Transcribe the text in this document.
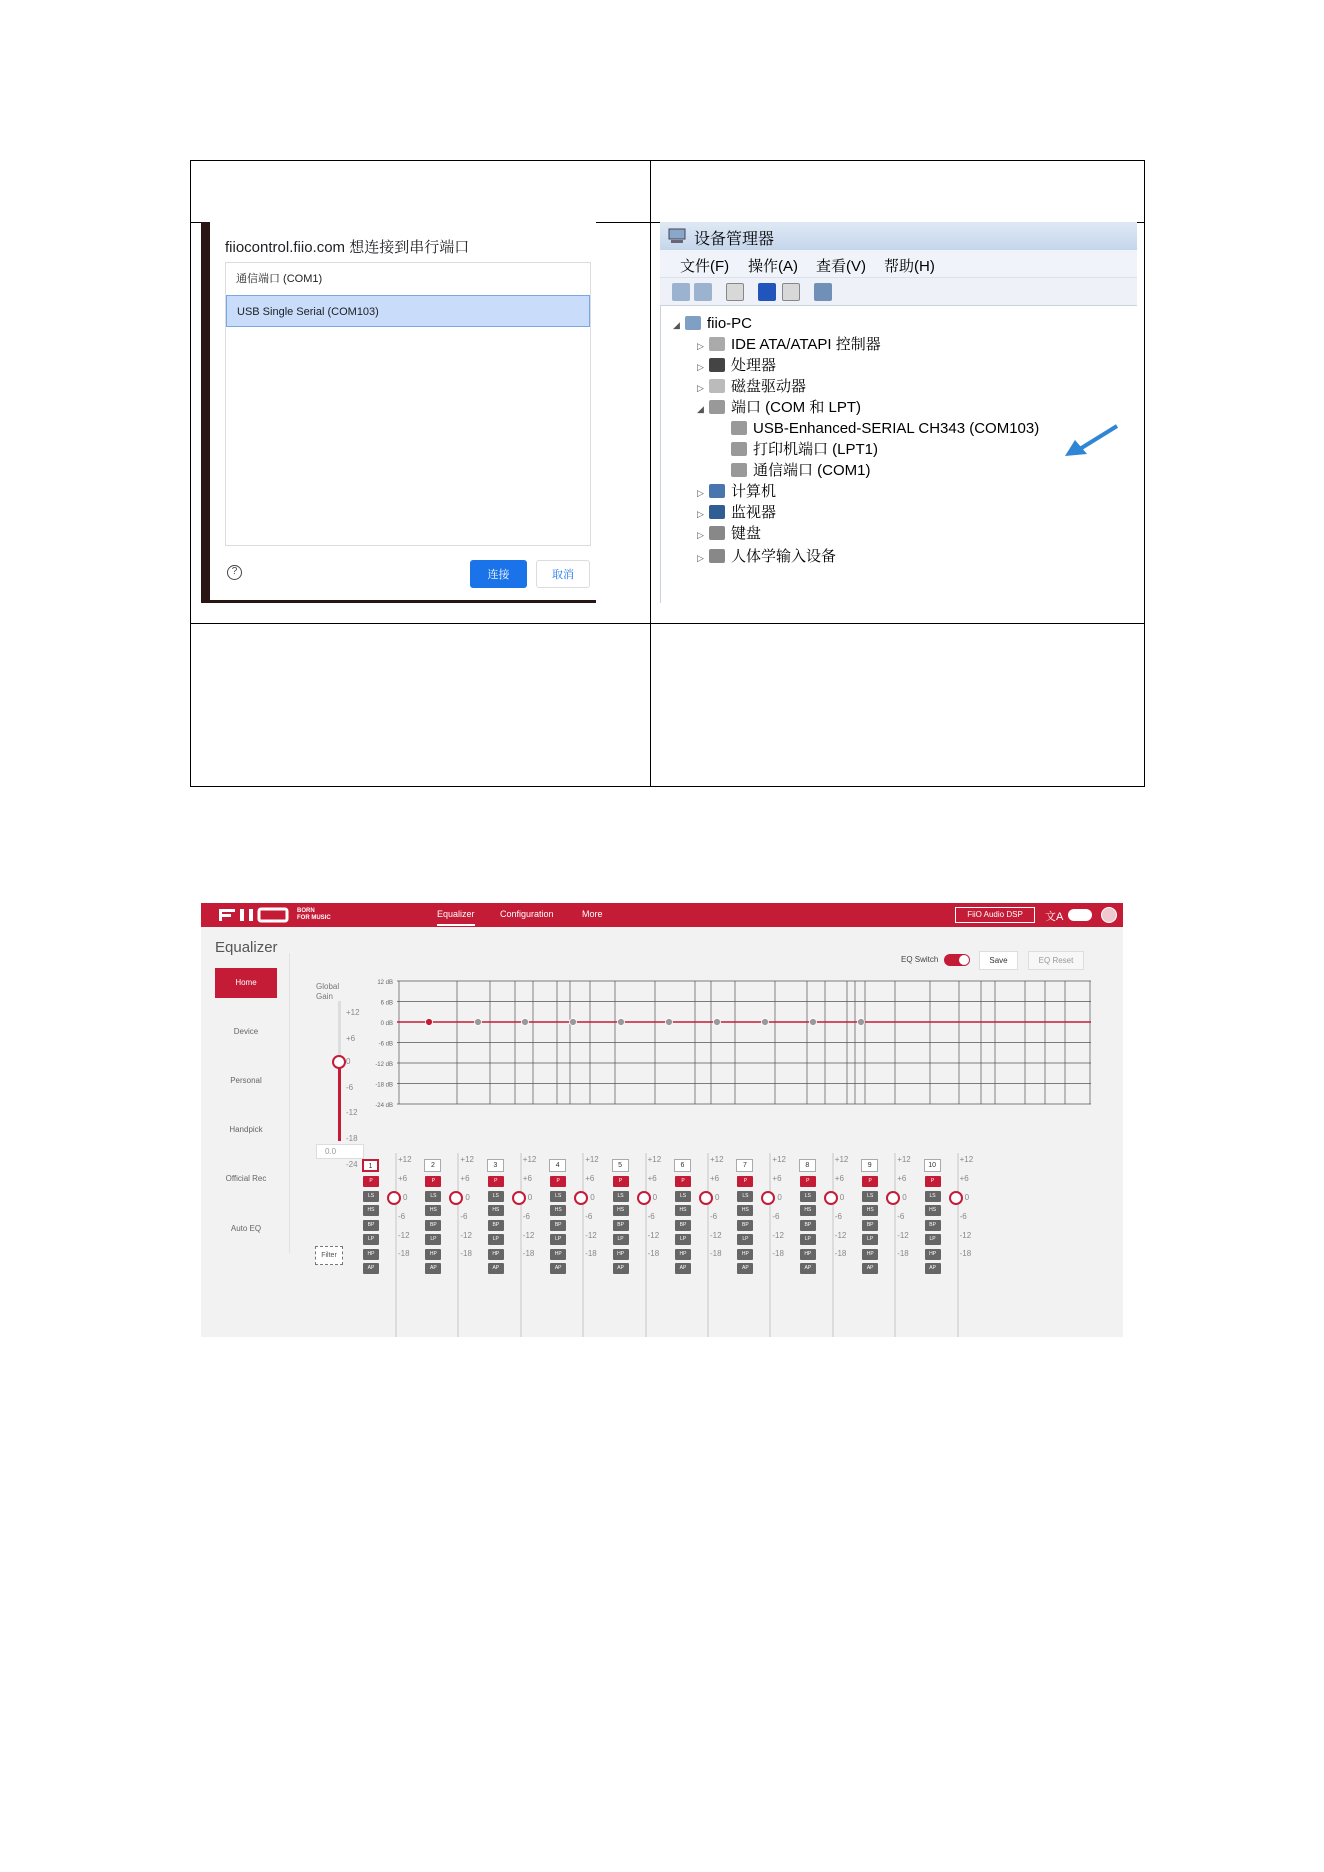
fiiocontrol.fiio.com 想连接到串行端口
通信端口 (COM1)
USB Single Serial (COM103)
?	连接	取消
设备管理器
文件(F) 操作(A) 查看(V) 帮助(H)
◢ fiio-PC
▷ IDE ATA/ATAPI 控制器
▷ 处理器
▷ 磁盘驱动器
◢ 端口 (COM 和 LPT)
USB-Enhanced-SERIAL CH343 (COM103)
打印机端口 (LPT1)
通信端口 (COM1)
▷ 计算机
▷ 监视器
▷ 键盘
▷ 人体学输入设备
BORN
FOR MUSIC	Equalizer	Configuration	More	FiiO Audio DSP	文A
Equalizer
Home
Device
Personal
Handpick
Official Rec
Auto EQ
EQ Switch	Save	EQ Reset
Global Gain
+12
+6
0
-6
-12
-18
-24
0.0
Filter
12 dB
6 dB
0 dB
-6 dB
-12 dB
-18 dB
-24 dB
1
P
LS
HS
BP
LP
HP
AP
+12
+6
0
-6
-12
-18
2
P
LS
HS
BP
LP
HP
AP
+12
+6
0
-6
-12
-18
3
P
LS
HS
BP
LP
HP
AP
+12
+6
0
-6
-12
-18
4
P
LS
HS
BP
LP
HP
AP
+12
+6
0
-6
-12
-18
5
P
LS
HS
BP
LP
HP
AP
+12
+6
0
-6
-12
-18
6
P
LS
HS
BP
LP
HP
AP
+12
+6
0
-6
-12
-18
7
P
LS
HS
BP
LP
HP
AP
+12
+6
0
-6
-12
-18
8
P
LS
HS
BP
LP
HP
AP
+12
+6
0
-6
-12
-18
9
P
LS
HS
BP
LP
HP
AP
+12
+6
0
-6
-12
-18
10
P
LS
HS
BP
LP
HP
AP
+12
+6
0
-6
-12
-18
